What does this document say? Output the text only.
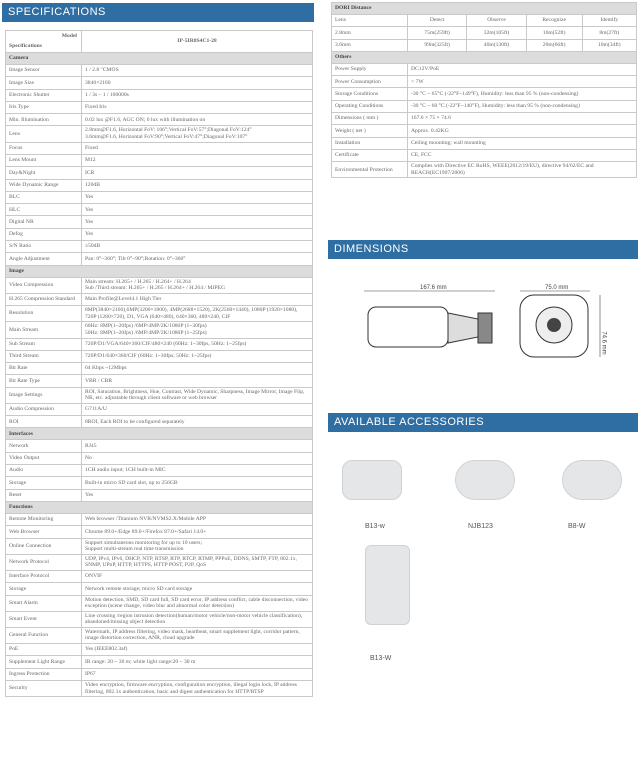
SPECIFICATIONS
Model
Specifications	IP-5IR8S4C1-28
Camera	
Image Sensor	1 / 2.8 "CMOS
Image Size	3840×2160
Electronic Shutter	1 / 3s – 1 / 100000s
Iris Type	Fixed Iris
Min. Illumination	0.02 lux @F1.6, AGC ON; 0 lux with illumination on
Lens	2.8mm@F1.6, Horizontal FoV: 106°;Vertical FoV:57°;Diagonal FoV:124°
3.6mm@F1.6, Horizontal FoV:90°;Vertical FoV:47°;Diagonal FoV:107°
Focus	Fixed
Lens Mount	M12
Day&Night	ICR
Wide Dynamic Range	120dB
BLC	Yes
HLC	Yes
Digital NR	Yes
Defog	Yes
S/N Ratio	≥50dB
Angle Adjustment	Pan: 0°~360°; Tilt 0°~90°;Rotation: 0°~360°
Image	
Video Compression	Main stream: H.265+ / H.265 / H.264+ / H.264
Sub /Third stream: H.265+ / H.265 / H.264+ / H.264 / MJPEG
H.265 Compression Standard	Main Profile@Level4.1 High Tier
Resolution	8MP(3840×2160),6MP(3200×1800), 4MP(2688×1520), 2K(2560×1440), 1080P (1920×1080), 720P (1280×720), D1, VGA (640×480), 640×360, 480×240, CIF
Main Stream	60Hz: 8MP(1~20fps) /6MP/4MP/2K/1080P (1~30fps)
50Hz: 8MP(1~20fps) /6MP/4MP/2K/1080P (1~25fps)
Sub Stream	720P/D1/VGA/640×360/CIF/480×240 (60Hz: 1~30fps, 50Hz: 1~25fps)
Third Stream	720P/D1/640×360/CIF (60Hz: 1~30fps; 50Hz: 1~25fps)
Bit Rate	64 Kbps ~12Mbps
Bit Rate Type	VBR / CBR
Image Settings	ROI, Saturation, Brightness, Hue, Contrast, Wide Dynamic, Sharpness, Image Mirror, Image Flip, NR, etc. adjustable through client software or web browser
Audio Compression	G711A/U
ROI	8ROI, Each ROI to be configured separately
Interfaces	
Network	RJ45
Video Output	No
Audio	1CH audio input; 1CH built-in MIC
Storage	Built-in micro SD card slot, up to 256GB
Reset	Yes
Functions	
Remote Monitoring	Web browser /Titanium NVR/NVMS2.X/Mobile APP
Web Browser	Chrome 89.0+/Edge 89.0+/Firefox 87.0+/Safari 14.0+
Online Connection	Support simultaneous monitoring for up to 10 users;
Support multi-stream real time transmission
Network Protocol	UDP, IPv4, IPv6, DHCP, NTP, RTSP, RTP, RTCP, RTMP, PPPoE, DDNS, SMTP, FTP, 802.1x, SNMP, UPnP, HTTP, HTTPS, HTTP POST, P2P, QoS
Interface Protocol	ONVIF
Storage	Network remote storage; micro SD card storage
Smart Alarm	Motion detection, SMD, SD card full, SD card error, IP address conflict, cable disconnection, video exception (scene change, video blur and abnormal color detection)
Smart Event	Line crossing /region intrusion detection(human/motor vehicle/non-motor vehicle classification), abandoned/missing object detection
General Function	Watermark, IP address filtering, video mask, heartbeat, smart supplement light, corridor pattern, image distortion correction, ANR, cloud upgrade
PoE	Yes (IEEE802.3af)
Supplement Light Range	IR range: 20 ~ 30 m; white light range:20 ~ 30 m
Ingress Protection	IP67
Security	Video encryption, firmware encryption, configuration encryption, illegal login lock, IP address filtering, 802.1x authentication, basic and digest authentication for HTTP/RTSP
DORI Distance				
Lens	Detect	Observe	Recognize	Identify
2.8mm	75m(259ft)	32m(105ft)	16m(52ft)	8m(27ft)
3.6mm	99m(325ft)	40m(130ft)	20m(66ft)	10m(34ft)
Others				
Power Supply	DC12V/PoE			
Power Consumption	< 7W			
Storage Conditions	-30 °C ~ 65°C (-22°F~149°F), Humidity: less than 95 % (non-condensing)			
Operating Conditions	-30 °C ~ 60 °C (-22°F~140°F), Humidity: less than 95 % (non-condensing)			
Dimensions ( mm )	167.6 × 75 × 74.6			
Weight ( net )	Approx. 0.42KG			
Installation	Ceiling mounting; wall mounting			
Certificate	CE, FCC			
Environmental Protection	Complies with Directive EC RoHS, WEEE(2012/19/EU), directive 94/62/EC and REACH(EC1907/2006)			
DIMENSIONS
167.6 mm	75.0 mm
74.6 mm
AVAILABLE ACCESSORIES
B13-w	NJB123	B8-W
B13-W
